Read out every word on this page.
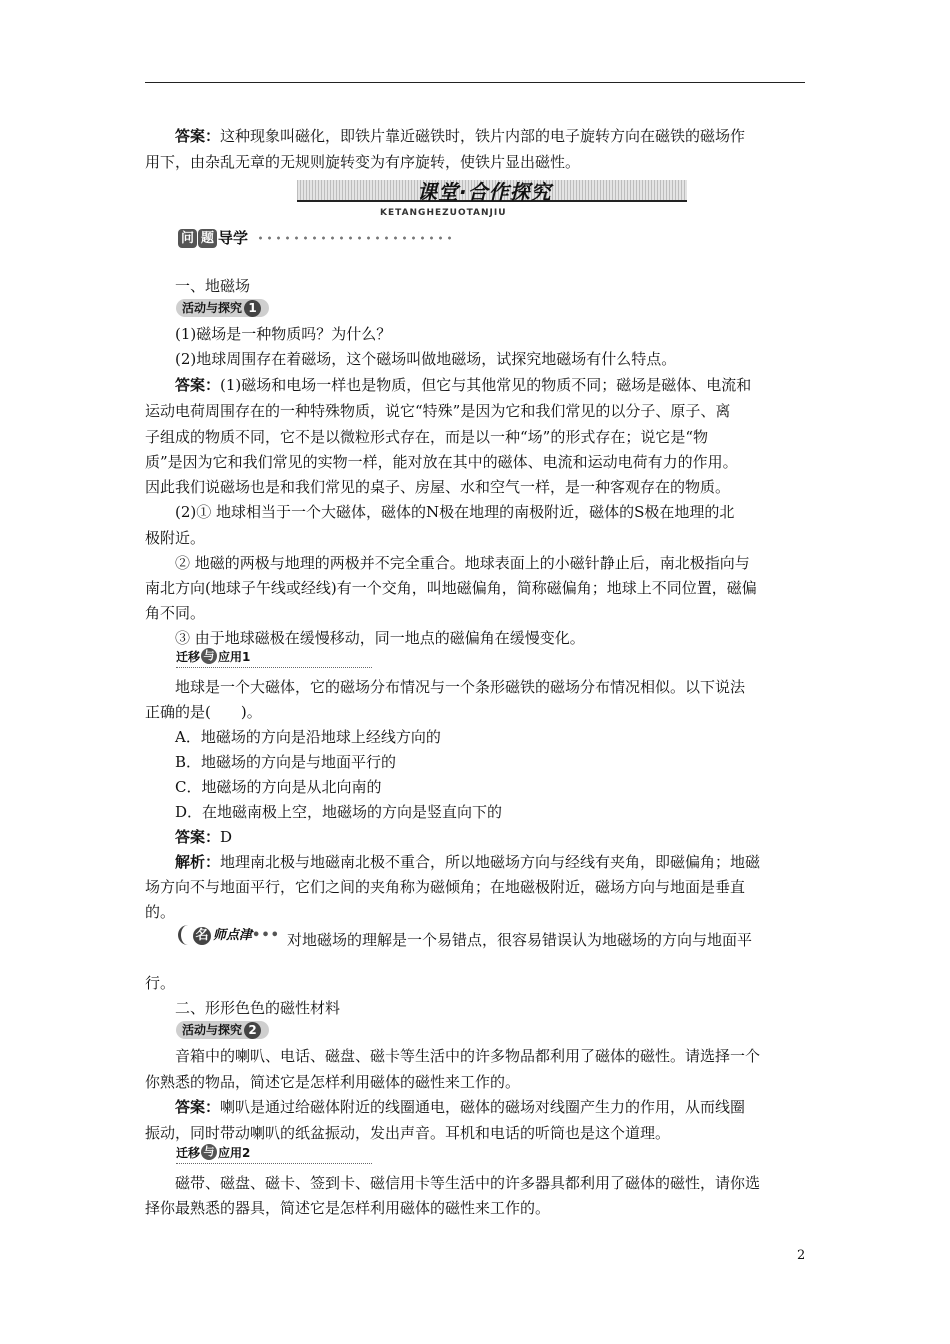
答案：这种现象叫磁化，即铁片靠近磁铁时，铁片内部的电子旋转方向在磁铁的磁场作
用下，由杂乱无章的无规则旋转变为有序旋转，使铁片显出磁性。
课堂·合作探究
KETANGHEZUOTANJIU
问 题 导学
一、地磁场
活动与探究 1
(1)磁场是一种物质吗？为什么？
(2)地球周围存在着磁场，这个磁场叫做地磁场，试探究地磁场有什么特点。
答案：(1)磁场和电场一样也是物质，但它与其他常见的物质不同；磁场是磁体、电流和
运动电荷周围存在的一种特殊物质，说它“特殊”是因为它和我们常见的以分子、原子、离
子组成的物质不同，它不是以微粒形式存在，而是以一种“场”的形式存在；说它是“物
质”是因为它和我们常见的实物一样，能对放在其中的磁体、电流和运动电荷有力的作用。
因此我们说磁场也是和我们常见的桌子、房屋、水和空气一样，是一种客观存在的物质。
(2)① 地球相当于一个大磁体，磁体的N极在地理的南极附近，磁体的S极在地理的北
极附近。
② 地磁的两极与地理的两极并不完全重合。地球表面上的小磁针静止后，南北极指向与
南北方向(地球子午线或经线)有一个交角，叫地磁偏角，简称磁偏角；地球上不同位置，磁偏
角不同。
③ 由于地球磁极在缓慢移动，同一地点的磁偏角在缓慢变化。
迁移 与 应用1
地球是一个大磁体，它的磁场分布情况与一个条形磁铁的磁场分布情况相似。以下说法
正确的是(　　)。
A．地磁场的方向是沿地球上经线方向的
B．地磁场的方向是与地面平行的
C．地磁场的方向是从北向南的
D．在地磁南极上空，地磁场的方向是竖直向下的
答案：D
解析：地理南北极与地磁南北极不重合，所以地磁场方向与经线有夹角，即磁偏角；地磁
场方向不与地面平行，它们之间的夹角称为磁倾角；在地磁极附近，磁场方向与地面是垂直
的。
名 师点津••• 对地磁场的理解是一个易错点，很容易错误认为地磁场的方向与地面平
行。
二、形形色色的磁性材料
活动与探究 2
音箱中的喇叭、电话、磁盘、磁卡等生活中的许多物品都利用了磁体的磁性。请选择一个
你熟悉的物品，简述它是怎样利用磁体的磁性来工作的。
答案：喇叭是通过给磁体附近的线圈通电，磁体的磁场对线圈产生力的作用，从而线圈
振动，同时带动喇叭的纸盆振动，发出声音。耳机和电话的听筒也是这个道理。
迁移 与 应用2
磁带、磁盘、磁卡、签到卡、磁信用卡等生活中的许多器具都利用了磁体的磁性，请你选
择你最熟悉的器具，简述它是怎样利用磁体的磁性来工作的。
2
